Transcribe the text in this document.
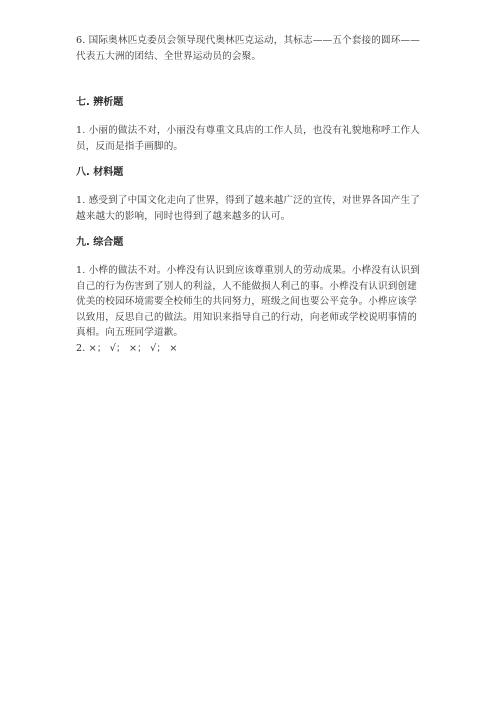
6. 国际奥林匹克委员会领导现代奥林匹克运动，其标志——五个套接的圆环——代表五大洲的团结、全世界运动员的会聚。

七. 辨析题

1. 小丽的做法不对，小丽没有尊重文具店的工作人员，也没有礼貌地称呼工作人员，反而是指手画脚的。

八. 材料题

1. 感受到了中国文化走向了世界，得到了越来越广泛的宣传，对世界各国产生了越来越大的影响，同时也得到了越来越多的认可。

九. 综合题

1. 小桦的做法不对。小桦没有认识到应该尊重别人的劳动成果。小桦没有认识到自己的行为伤害到了别人的利益，人不能做损人利己的事。小桦没有认识到创建优美的校园环境需要全校师生的共同努力，班级之间也要公平竞争。小桦应该学以致用，反思自己的做法。用知识来指导自己的行动，向老师或学校说明事情的真相。向五班同学道歉。

2. ×； √； ×； √； ×
